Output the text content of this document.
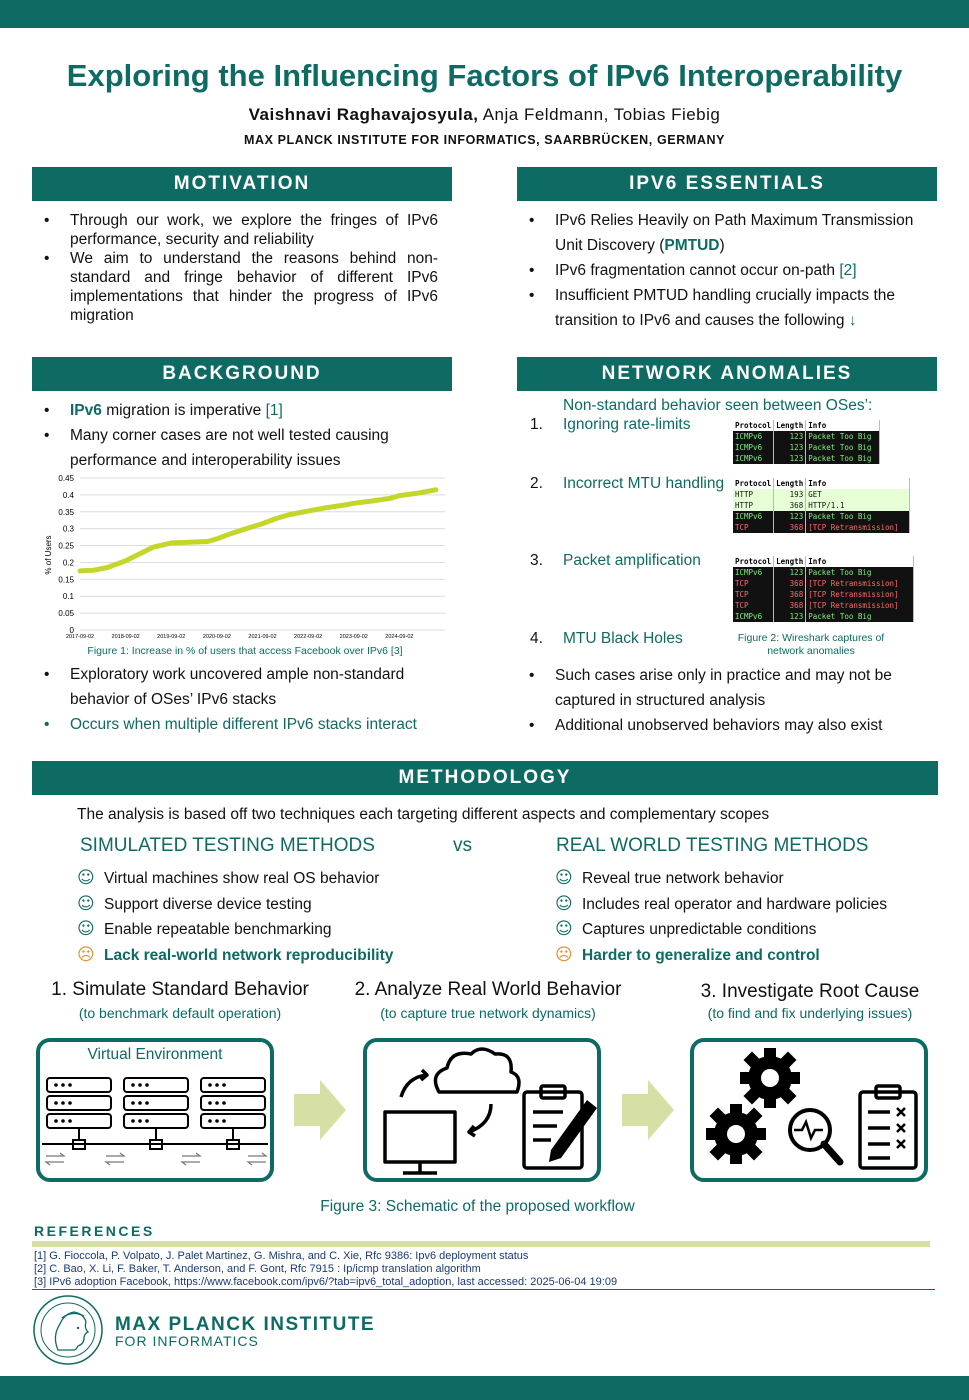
Exploring the Influencing Factors of IPv6 Interoperability
Vaishnavi Raghavajosyula, Anja Feldmann, Tobias Fiebig
MAX PLANCK INSTITUTE FOR INFORMATICS, SAARBRÜCKEN, GERMANY
MOTIVATION
• Through our work, we explore the fringes of IPv6 performance, security and reliability
• We aim to understand the reasons behind non-standard and fringe behavior of different IPv6 implementations that hinder the progress of IPv6 migration
IPV6 ESSENTIALS
• IPv6 Relies Heavily on Path Maximum Transmission Unit Discovery (PMTUD)
• IPv6 fragmentation cannot occur on-path [2]
• Insufficient PMTUD handling crucially impacts the transition to IPv6 and causes the following ↓
BACKGROUND
• IPv6 migration is imperative [1]
• Many corner cases are not well tested causing performance and interoperability issues
0
0.05
0.1
0.15
0.2
0.25
0.3
0.35
0.4
0.45
2017-09-02	2018-09-02	2019-09-02	2020-09-02	2021-09-02	2022-09-02	2023-09-02	2024-09-02
% of Users
Figure 1: Increase in % of users that access Facebook over IPv6 [3]
• Exploratory work uncovered ample non-standard behavior of OSes’ IPv6 stacks
• Occurs when multiple different IPv6 stacks interact
NETWORK ANOMALIES
Non-standard behavior seen between OSes’:
1. Ignoring rate-limits
2. Incorrect MTU handling
3. Packet amplification
4. MTU Black Holes
Protocol	Length	Info
ICMPv6	123	Packet Too Big
ICMPv6	123	Packet Too Big
ICMPv6	123	Packet Too Big
Protocol	Length	Info
HTTP	193	GET
HTTP	368	HTTP/1.1
ICMPv6	123	Packet Too Big
TCP	368	[TCP Retransmission]
Protocol	Length	Info
ICMPv6	123	Packet Too Big
TCP	368	[TCP Retransmission]
TCP	368	[TCP Retransmission]
TCP	368	[TCP Retransmission]
ICMPv6	123	Packet Too Big
Figure 2: Wireshark captures of
network anomalies
• Such cases arise only in practice and may not be captured in structured analysis
• Additional unobserved behaviors may also exist
METHODOLOGY
The analysis is based off two techniques each targeting different aspects and complementary scopes
SIMULATED TESTING METHODS	vs	REAL WORLD TESTING METHODS
☺ Virtual machines show real OS behavior
☺ Support diverse device testing
☺ Enable repeatable benchmarking
☹ Lack real-world network reproducibility
☺ Reveal true network behavior
☺ Includes real operator and hardware policies
☺ Captures unpredictable conditions
☹ Harder to generalize and control
1. Simulate Standard Behavior
(to benchmark default operation)
2. Analyze Real World Behavior
(to capture true network dynamics)
3. Investigate Root Cause
(to find and fix underlying issues)
Virtual Environment
Figure 3: Schematic of the proposed workflow
REFERENCES
[1] G. Fioccola, P. Volpato, J. Palet Martinez, G. Mishra, and C. Xie, Rfc 9386: Ipv6 deployment status
[2] C. Bao, X. Li, F. Baker, T. Anderson, and F. Gont, Rfc 7915 : Ip/icmp translation algorithm
[3] IPv6 adoption Facebook, https://www.facebook.com/ipv6/?tab=ipv6_total_adoption, last accessed: 2025-06-04 19:09
MAX PLANCK INSTITUTE
FOR INFORMATICS
